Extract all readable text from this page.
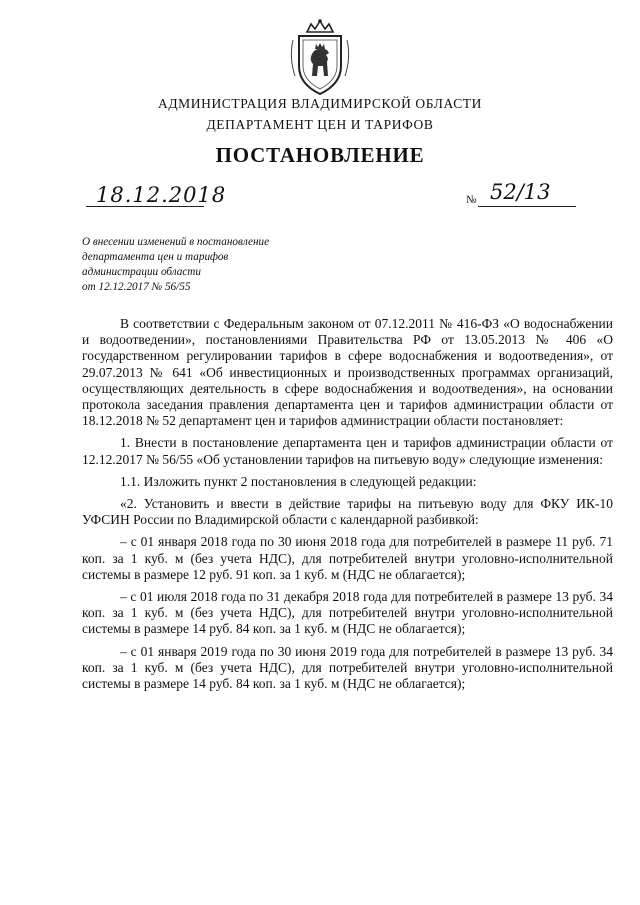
АДМИНИСТРАЦИЯ ВЛАДИМИРСКОЙ ОБЛАСТИ
ДЕПАРТАМЕНТ ЦЕН И ТАРИФОВ
ПОСТАНОВЛЕНИЕ
18.12.2018	№ 52/13
О внесении изменений в постановление
департамента цен и тарифов
администрации области
от 12.12.2017 № 56/55

В соответствии с Федеральным законом от 07.12.2011 № 416-ФЗ «О водоснабжении и водоотведении», постановлениями Правительства РФ от 13.05.2013 № 406 «О государственном регулировании тарифов в сфере водоснабжения и водоотведения», от 29.07.2013 № 641 «Об инвестиционных и производственных программах организаций, осуществляющих деятельность в сфере водоснабжения и водоотведения», на основании протокола заседания правления департамента цен и тарифов администрации области от 18.12.2018 № 52 департамент цен и тарифов администрации области постановляет:

1. Внести в постановление департамента цен и тарифов администрации области от 12.12.2017 № 56/55 «Об установлении тарифов на питьевую воду» следующие изменения:

1.1. Изложить пункт 2 постановления в следующей редакции:

«2. Установить и ввести в действие тарифы на питьевую воду для ФКУ ИК-10 УФСИН России по Владимирской области с календарной разбивкой:

– с 01 января 2018 года по 30 июня 2018 года для потребителей в размере 11 руб. 71 коп. за 1 куб. м (без учета НДС), для потребителей внутри уголовно-исполнительной системы в размере 12 руб. 91 коп. за 1 куб. м (НДС не облагается);

– с 01 июля 2018 года по 31 декабря 2018 года для потребителей в размере 13 руб. 34 коп. за 1 куб. м (без учета НДС), для потребителей внутри уголовно-исполнительной системы в размере 14 руб. 84 коп. за 1 куб. м (НДС не облагается);

– с 01 января 2019 года по 30 июня 2019 года для потребителей в размере 13 руб. 34 коп. за 1 куб. м (без учета НДС), для потребителей внутри уголовно-исполнительной системы в размере 14 руб. 84 коп. за 1 куб. м (НДС не облагается);
